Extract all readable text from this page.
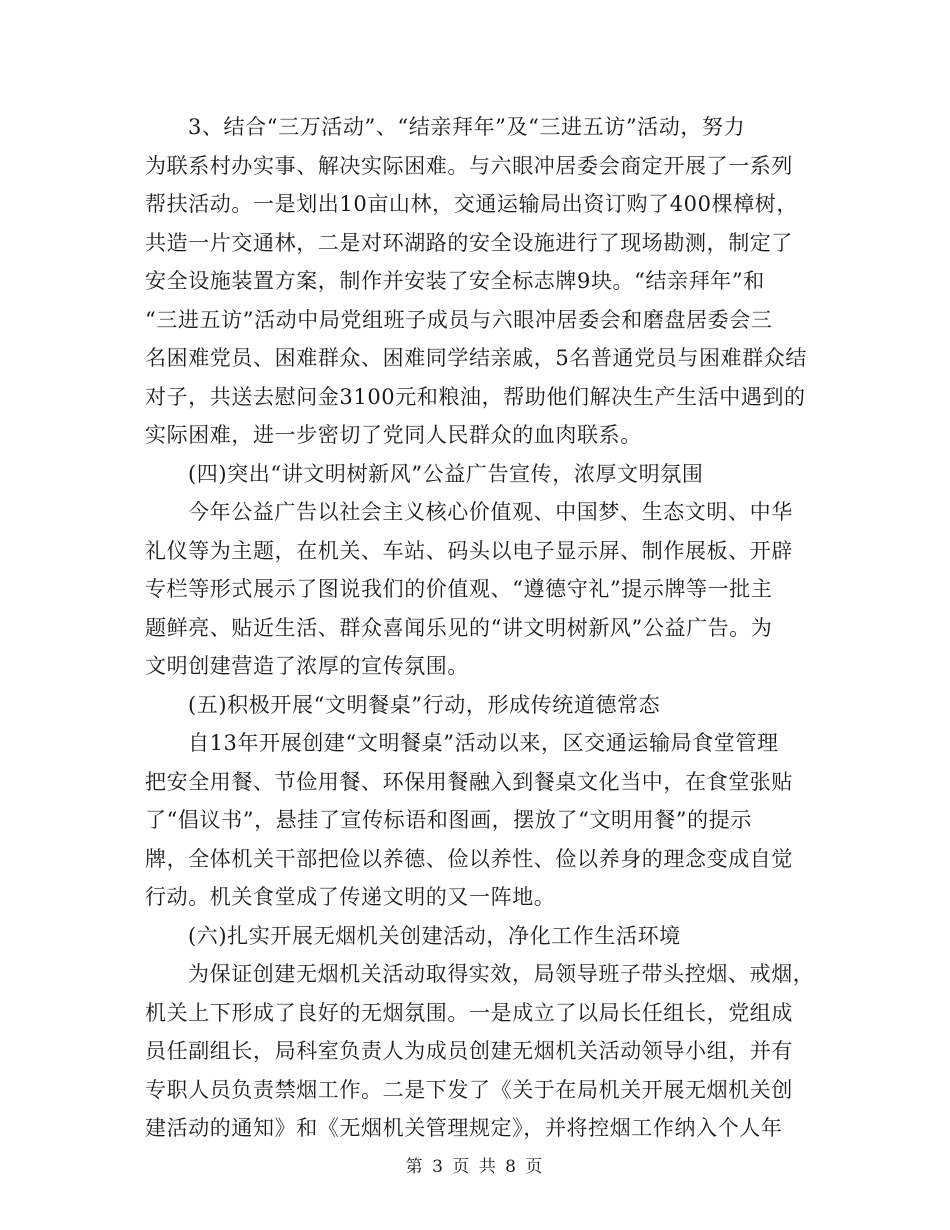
3、结合“三万活动”、“结亲拜年”及“三进五访”活动，努力
为联系村办实事、解决实际困难。与六眼冲居委会商定开展了一系列
帮扶活动。一是划出10亩山林，交通运输局出资订购了400棵樟树，
共造一片交通林，二是对环湖路的安全设施进行了现场勘测，制定了
安全设施装置方案，制作并安装了安全标志牌9块。“结亲拜年”和
“三进五访”活动中局党组班子成员与六眼冲居委会和磨盘居委会三
名困难党员、困难群众、困难同学结亲戚，5名普通党员与困难群众结
对子，共送去慰问金3100元和粮油，帮助他们解决生产生活中遇到的
实际困难，进一步密切了党同人民群众的血肉联系。
(四)突出“讲文明树新风”公益广告宣传，浓厚文明氛围
今年公益广告以社会主义核心价值观、中国梦、生态文明、中华
礼仪等为主题，在机关、车站、码头以电子显示屏、制作展板、开辟
专栏等形式展示了图说我们的价值观、“遵德守礼”提示牌等一批主
题鲜亮、贴近生活、群众喜闻乐见的“讲文明树新风”公益广告。为
文明创建营造了浓厚的宣传氛围。
(五)积极开展“文明餐桌”行动，形成传统道德常态
自13年开展创建“文明餐桌”活动以来，区交通运输局食堂管理
把安全用餐、节俭用餐、环保用餐融入到餐桌文化当中，在食堂张贴
了“倡议书”，悬挂了宣传标语和图画，摆放了“文明用餐”的提示
牌，全体机关干部把俭以养德、俭以养性、俭以养身的理念变成自觉
行动。机关食堂成了传递文明的又一阵地。
(六)扎实开展无烟机关创建活动，净化工作生活环境
为保证创建无烟机关活动取得实效，局领导班子带头控烟、戒烟，
机关上下形成了良好的无烟氛围。一是成立了以局长任组长，党组成
员任副组长，局科室负责人为成员创建无烟机关活动领导小组，并有
专职人员负责禁烟工作。二是下发了《关于在局机关开展无烟机关创
建活动的通知》和《无烟机关管理规定》，并将控烟工作纳入个人年
第 3 页 共 8 页
